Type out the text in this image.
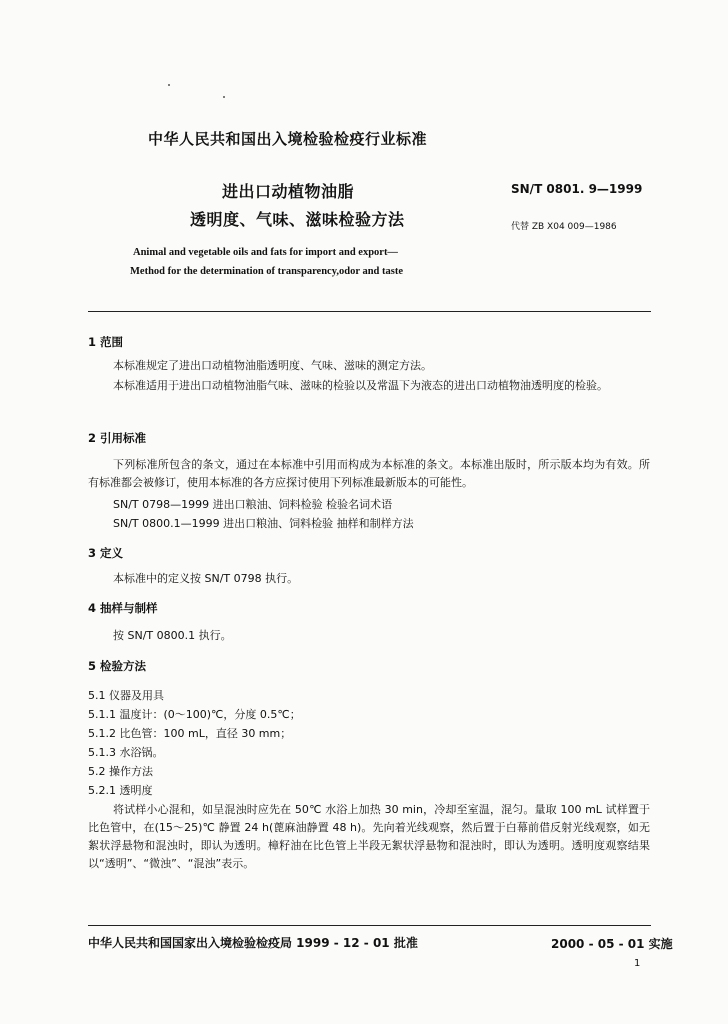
中华人民共和国出入境检验检疫行业标准
进出口动植物油脂
透明度、气味、滋味检验方法
SN/T 0801. 9—1999
代替 ZB X04 009—1986
Animal and vegetable oils and fats for import and export—
Method for the determination of transparency,odor and taste
1 范围
本标准规定了进出口动植物油脂透明度、气味、滋味的测定方法。
本标准适用于进出口动植物油脂气味、滋味的检验以及常温下为液态的进出口动植物油透明度的检验。
2 引用标准
下列标准所包含的条文，通过在本标准中引用而构成为本标准的条文。本标准出版时，所示版本均为有效。所有标准都会被修订，使用本标准的各方应探讨使用下列标准最新版本的可能性。
SN/T 0798—1999 进出口粮油、饲料检验 检验名词术语
SN/T 0800.1—1999 进出口粮油、饲料检验 抽样和制样方法
3 定义
本标准中的定义按 SN/T 0798 执行。
4 抽样与制样
按 SN/T 0800.1 执行。
5 检验方法
5.1 仪器及用具
5.1.1 温度计：(0～100)℃，分度 0.5℃；
5.1.2 比色管：100 mL，直径 30 mm；
5.1.3 水浴锅。
5.2 操作方法
5.2.1 透明度
将试样小心混和，如呈混浊时应先在 50℃ 水浴上加热 30 min，冷却至室温，混匀。量取 100 mL 试样置于比色管中，在(15～25)℃ 静置 24 h(蓖麻油静置 48 h)。先向着光线观察，然后置于白幕前借反射光线观察，如无絮状浮悬物和混浊时，即认为透明。樟籽油在比色管上半段无絮状浮悬物和混浊时，即认为透明。透明度观察结果以“透明”、“微浊”、“混浊”表示。
中华人民共和国国家出入境检验检疫局 1999 - 12 - 01 批准	2000 - 05 - 01 实施
1
